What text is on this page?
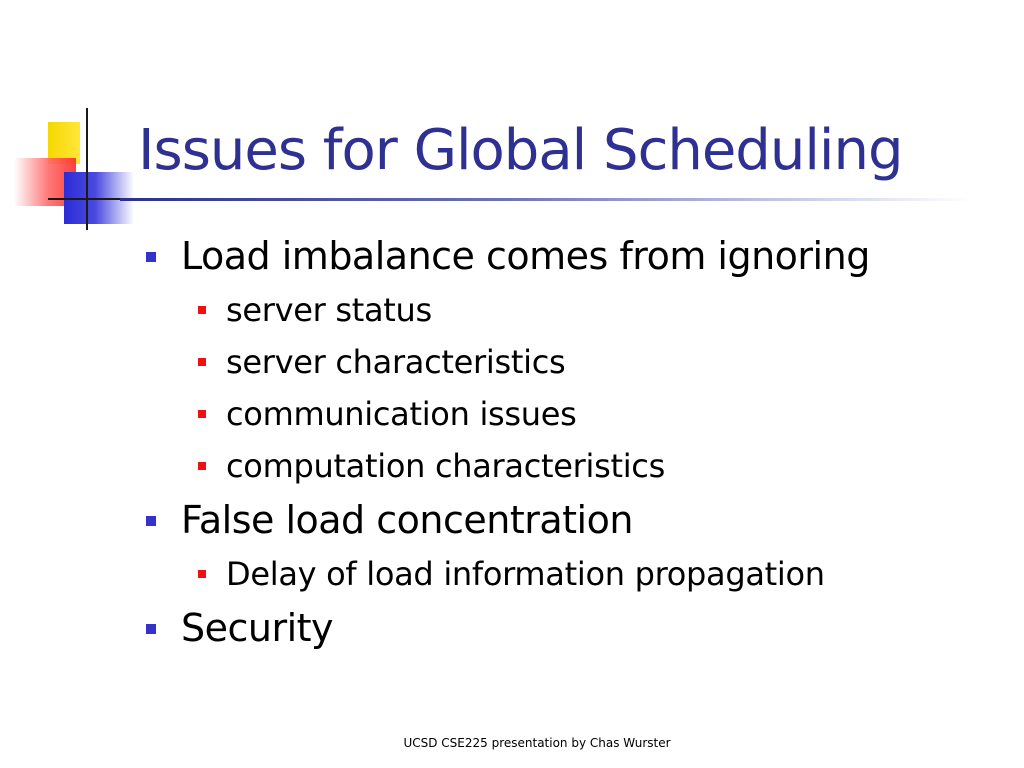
Issues for Global Scheduling
Load imbalance comes from ignoring
server status
server characteristics
communication issues
computation characteristics
False load concentration
Delay of load information propagation
Security
UCSD CSE225 presentation by Chas Wurster
